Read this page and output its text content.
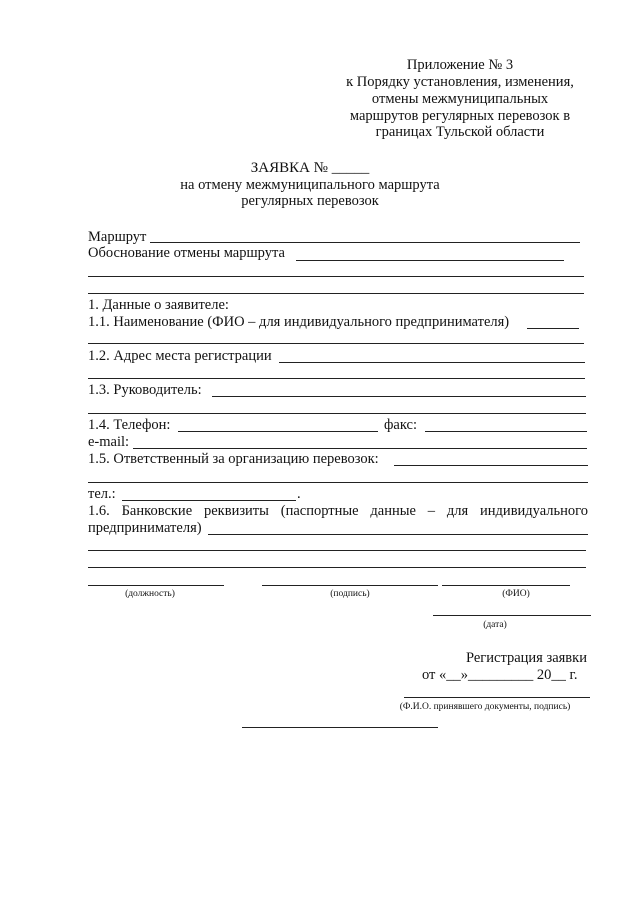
Приложение № 3
к Порядку установления, изменения,
отмены межмуниципальных
маршрутов регулярных перевозок в
границах Тульской области
ЗАЯВКА № _____
на отмену межмуниципального маршрута
регулярных перевозок
Маршрут
Обоснование отмены маршрута
1. Данные о заявителе:
1.1. Наименование (ФИО – для индивидуального предпринимателя)
1.2. Адрес места регистрации
1.3. Руководитель:
1.4. Телефон:	факс:
e-mail:
1.5. Ответственный за организацию перевозок:
тел.:	.
1.6. Банковские реквизиты (паспортные данные – для индивидуального
предпринимателя)
(должность)	(подпись)	(ФИО)
(дата)
Регистрация заявки
от «__»_________ 20__ г.
(Ф.И.О. принявшего документы, подпись)
